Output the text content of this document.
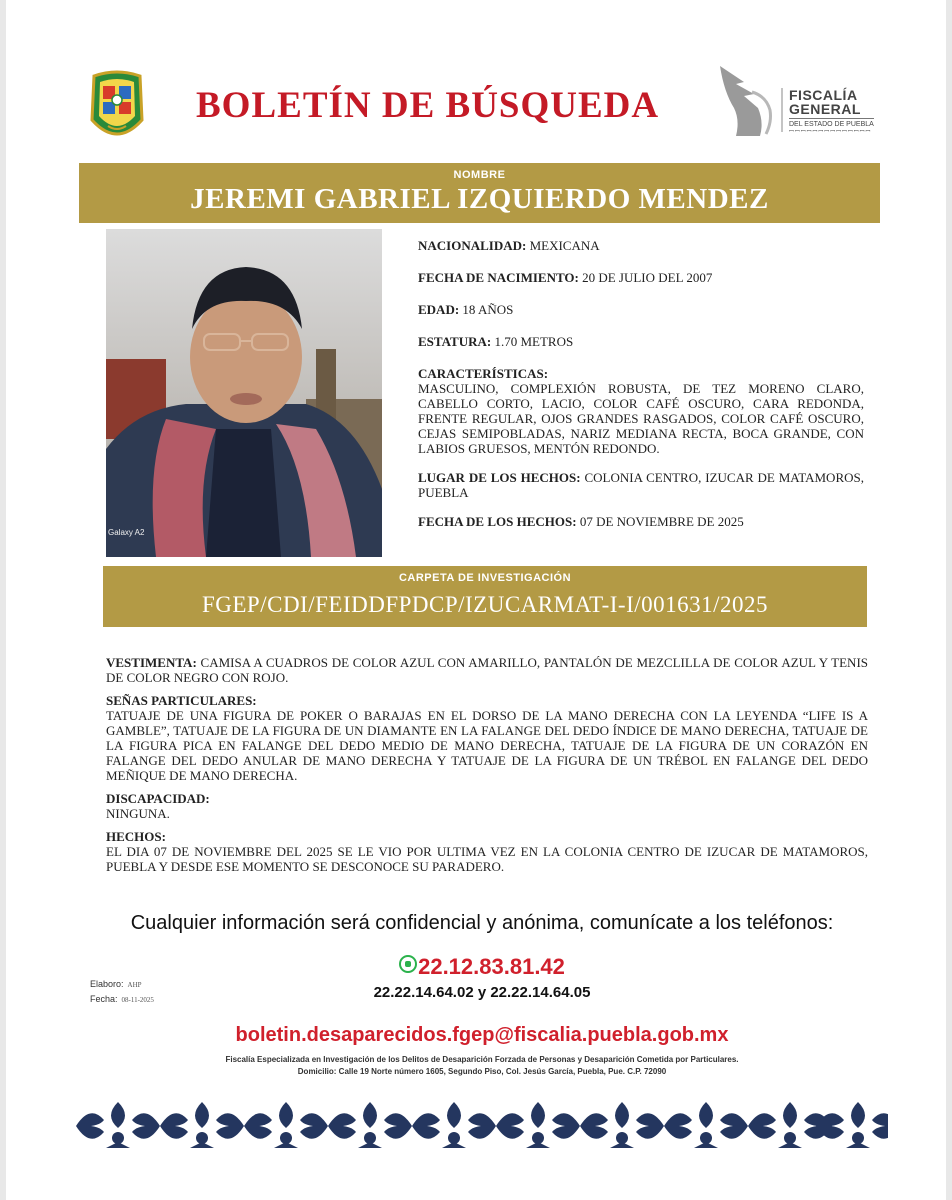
BOLETÍN DE BÚSQUEDA	FISCALÍA
GENERAL
DEL ESTADO DE PUEBLA
ꟷꟷꟷꟷꟷꟷꟷꟷꟷꟷꟷꟷꟷꟷ
NOMBRE
JEREMI GABRIEL IZQUIERDO MENDEZ
Galaxy A2
NACIONALIDAD: MEXICANA
FECHA DE NACIMIENTO: 20 DE JULIO DEL 2007
EDAD: 18 AÑOS
ESTATURA: 1.70 METROS
CARACTERÍSTICAS:
MASCULINO, COMPLEXIÓN ROBUSTA, DE TEZ MORENO CLARO, CABELLO CORTO, LACIO, COLOR CAFÉ OSCURO, CARA REDONDA, FRENTE REGULAR, OJOS GRANDES RASGADOS, COLOR CAFÉ OSCURO, CEJAS SEMIPOBLADAS, NARIZ MEDIANA RECTA, BOCA GRANDE, CON LABIOS GRUESOS, MENTÓN REDONDO.
LUGAR DE LOS HECHOS: COLONIA CENTRO, IZUCAR DE MATAMOROS, PUEBLA
FECHA DE LOS HECHOS: 07 DE NOVIEMBRE DE 2025
CARPETA DE INVESTIGACIÓN
FGEP/CDI/FEIDDFPDCP/IZUCARMAT-I-I/001631/2025
VESTIMENTA: CAMISA A CUADROS DE COLOR AZUL CON AMARILLO, PANTALÓN DE MEZCLILLA DE COLOR AZUL Y TENIS DE COLOR NEGRO CON ROJO.
SEÑAS PARTICULARES:
TATUAJE DE UNA FIGURA DE POKER O BARAJAS EN EL DORSO DE LA MANO DERECHA CON LA LEYENDA “LIFE IS A GAMBLE”, TATUAJE DE LA FIGURA DE UN DIAMANTE EN LA FALANGE DEL DEDO ÍNDICE DE MANO DERECHA, TATUAJE DE LA FIGURA PICA EN FALANGE DEL DEDO MEDIO DE MANO DERECHA, TATUAJE DE LA FIGURA DE UN CORAZÓN EN FALANGE DEL DEDO ANULAR DE MANO DERECHA Y TATUAJE DE LA FIGURA DE UN TRÉBOL EN FALANGE DEL DEDO MEÑIQUE DE MANO DERECHA.
DISCAPACIDAD:
NINGUNA.
HECHOS:
EL DIA 07 DE NOVIEMBRE DEL 2025 SE LE VIO POR ULTIMA VEZ EN LA COLONIA CENTRO DE IZUCAR DE MATAMOROS, PUEBLA Y DESDE ESE MOMENTO SE DESCONOCE SU PARADERO.
Cualquier información será confidencial y anónima, comunícate a los teléfonos:
22.12.83.81.42
22.22.14.64.02 y 22.22.14.64.05
Elaboro: AHP
Fecha: 08-11-2025
boletin.desaparecidos.fgep@fiscalia.puebla.gob.mx
Fiscalía Especializada en Investigación de los Delitos de Desaparición Forzada de Personas y Desaparición Cometida por Particulares.
Domicilio: Calle 19 Norte número 1605, Segundo Piso, Col. Jesús García, Puebla, Pue. C.P. 72090
